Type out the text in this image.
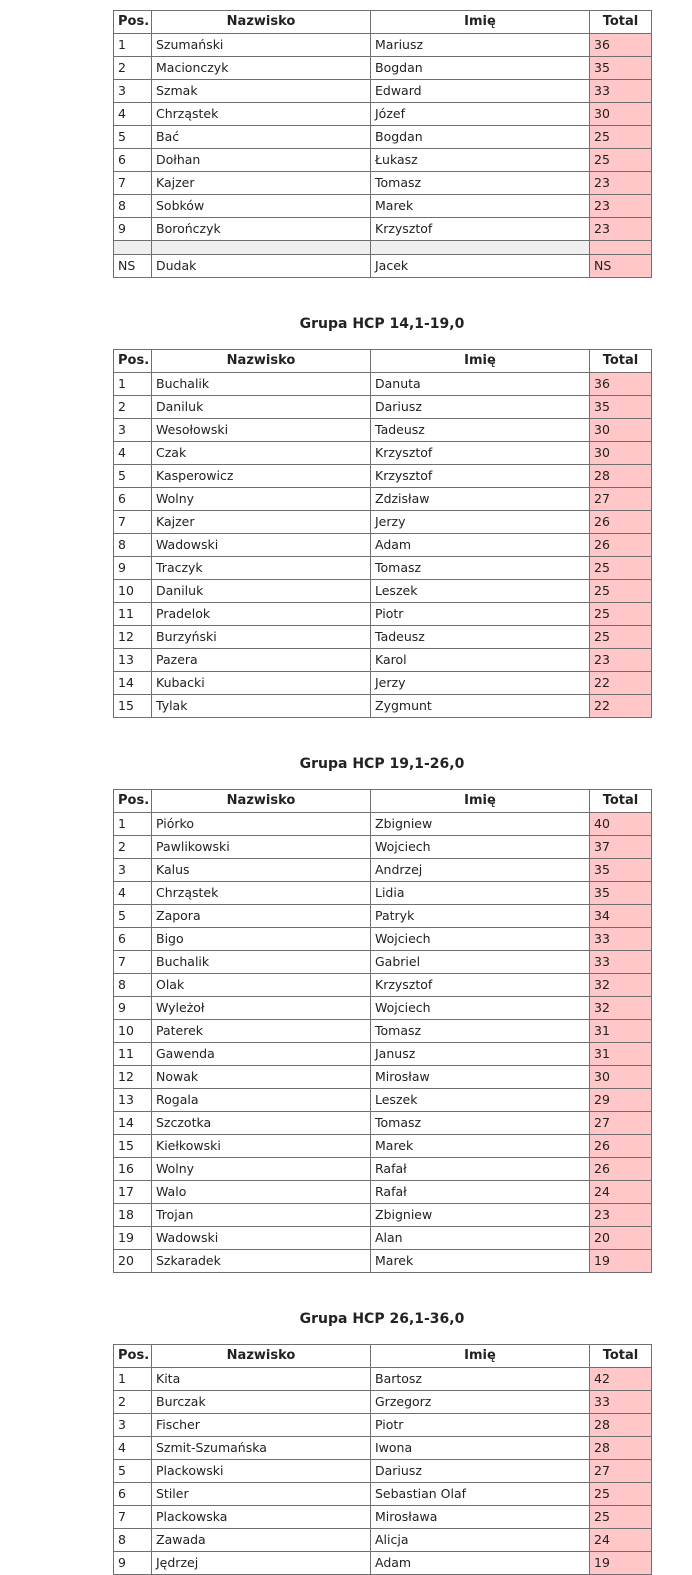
Pos.	Nazwisko	Imię	Total
1	Szumański	Mariusz	36
2	Macionczyk	Bogdan	35
3	Szmak	Edward	33
4	Chrząstek	Józef	30
5	Bać	Bogdan	25
6	Dołhan	Łukasz	25
7	Kajzer	Tomasz	23
8	Sobków	Marek	23
9	Borończyk	Krzysztof	23

NS	Dudak	Jacek	NS
Grupa HCP 14,1-19,0
Pos.	Nazwisko	Imię	Total
1	Buchalik	Danuta	36
2	Daniluk	Dariusz	35
3	Wesołowski	Tadeusz	30
4	Czak	Krzysztof	30
5	Kasperowicz	Krzysztof	28
6	Wolny	Zdzisław	27
7	Kajzer	Jerzy	26
8	Wadowski	Adam	26
9	Traczyk	Tomasz	25
10	Daniluk	Leszek	25
11	Pradelok	Piotr	25
12	Burzyński	Tadeusz	25
13	Pazera	Karol	23
14	Kubacki	Jerzy	22
15	Tylak	Zygmunt	22
Grupa HCP 19,1-26,0
Pos.	Nazwisko	Imię	Total
1	Piórko	Zbigniew	40
2	Pawlikowski	Wojciech	37
3	Kalus	Andrzej	35
4	Chrząstek	Lidia	35
5	Zapora	Patryk	34
6	Bigo	Wojciech	33
7	Buchalik	Gabriel	33
8	Olak	Krzysztof	32
9	Wyleżoł	Wojciech	32
10	Paterek	Tomasz	31
11	Gawenda	Janusz	31
12	Nowak	Mirosław	30
13	Rogala	Leszek	29
14	Szczotka	Tomasz	27
15	Kiełkowski	Marek	26
16	Wolny	Rafał	26
17	Walo	Rafał	24
18	Trojan	Zbigniew	23
19	Wadowski	Alan	20
20	Szkaradek	Marek	19
Grupa HCP 26,1-36,0
Pos.	Nazwisko	Imię	Total
1	Kita	Bartosz	42
2	Burczak	Grzegorz	33
3	Fischer	Piotr	28
4	Szmit-Szumańska	Iwona	28
5	Plackowski	Dariusz	27
6	Stiler	Sebastian Olaf	25
7	Plackowska	Mirosława	25
8	Zawada	Alicja	24
9	Jędrzej	Adam	19
